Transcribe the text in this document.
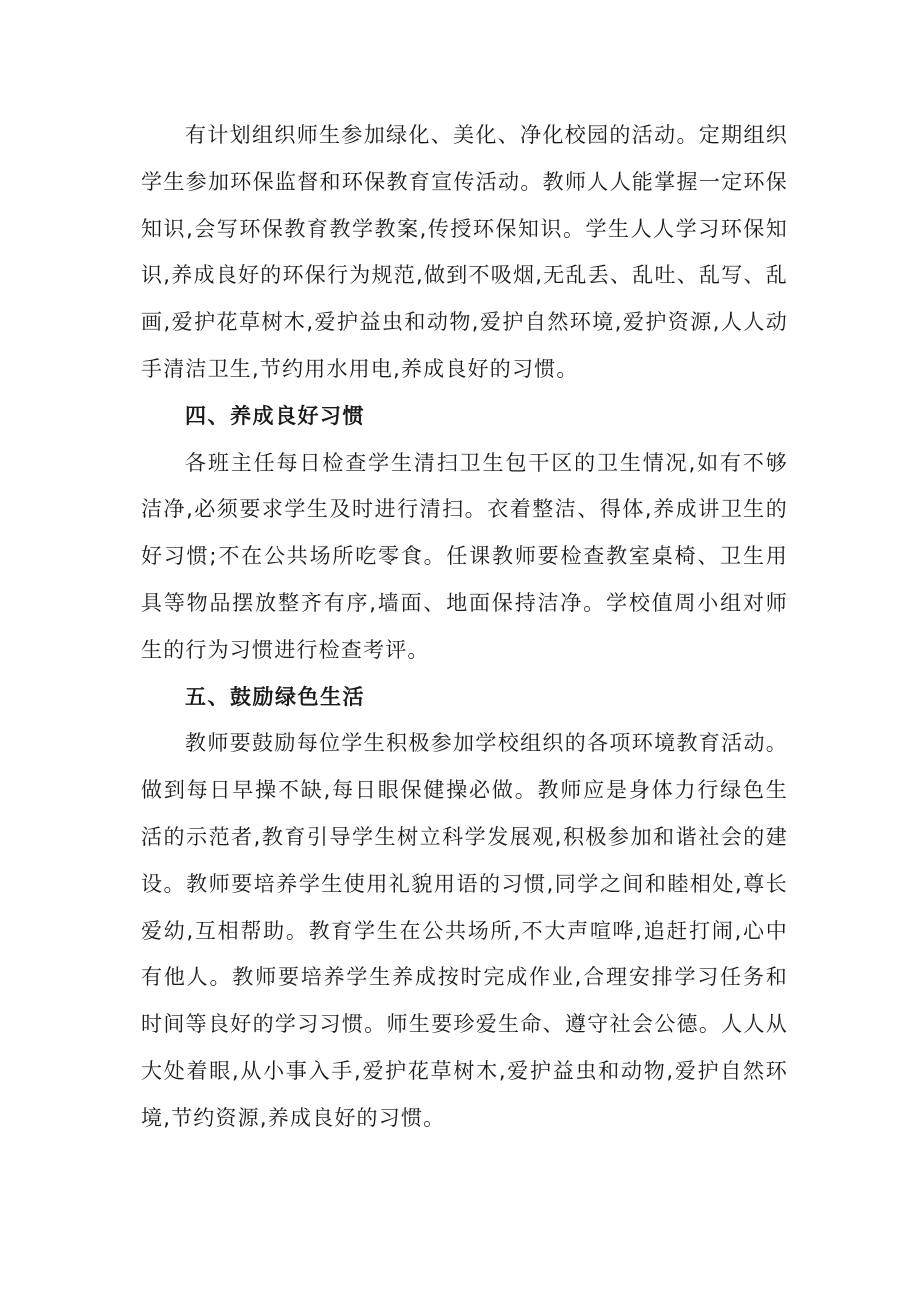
有计划组织师生参加绿化、美化、净化校园的活动。定期组织学生参加环保监督和环保教育宣传活动。教师人人能掌握一定环保知识,会写环保教育教学教案,传授环保知识。学生人人学习环保知识,养成良好的环保行为规范,做到不吸烟,无乱丢、乱吐、乱写、乱画,爱护花草树木,爱护益虫和动物,爱护自然环境,爱护资源,人人动手清洁卫生,节约用水用电,养成良好的习惯。

四、养成良好习惯

各班主任每日检查学生清扫卫生包干区的卫生情况,如有不够洁净,必须要求学生及时进行清扫。衣着整洁、得体,养成讲卫生的好习惯;不在公共场所吃零食。任课教师要检查教室桌椅、卫生用具等物品摆放整齐有序,墙面、地面保持洁净。学校值周小组对师生的行为习惯进行检查考评。

五、鼓励绿色生活

教师要鼓励每位学生积极参加学校组织的各项环境教育活动。做到每日早操不缺,每日眼保健操必做。教师应是身体力行绿色生活的示范者,教育引导学生树立科学发展观,积极参加和谐社会的建设。教师要培养学生使用礼貌用语的习惯,同学之间和睦相处,尊长爱幼,互相帮助。教育学生在公共场所,不大声喧哗,追赶打闹,心中有他人。教师要培养学生养成按时完成作业,合理安排学习任务和时间等良好的学习习惯。师生要珍爱生命、遵守社会公德。人人从大处着眼,从小事入手,爱护花草树木,爱护益虫和动物,爱护自然环境,节约资源,养成良好的习惯。
